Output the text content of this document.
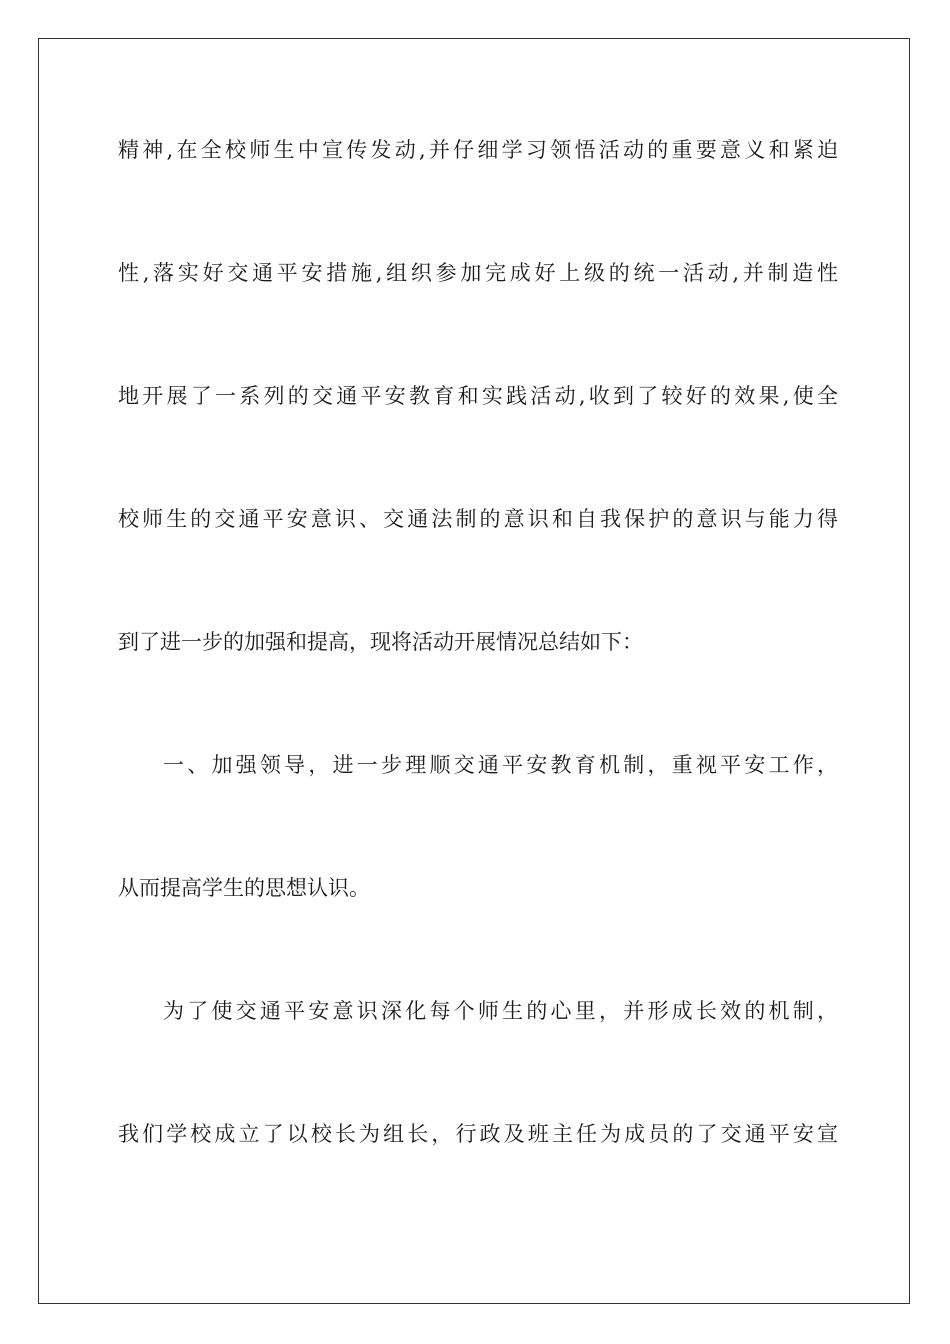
精神,在全校师生中宣传发动,并仔细学习领悟活动的重要意义和紧迫
性,落实好交通平安措施,组织参加完成好上级的统一活动,并制造性
地开展了一系列的交通平安教育和实践活动,收到了较好的效果,使全
校师生的交通平安意识、交通法制的意识和自我保护的意识与能力得
到了进一步的加强和提高，现将活动开展情况总结如下：
一、加强领导，进一步理顺交通平安教育机制，重视平安工作，
从而提高学生的思想认识。
为了使交通平安意识深化每个师生的心里，并形成长效的机制，
我们学校成立了以校长为组长，行政及班主任为成员的了交通平安宣
